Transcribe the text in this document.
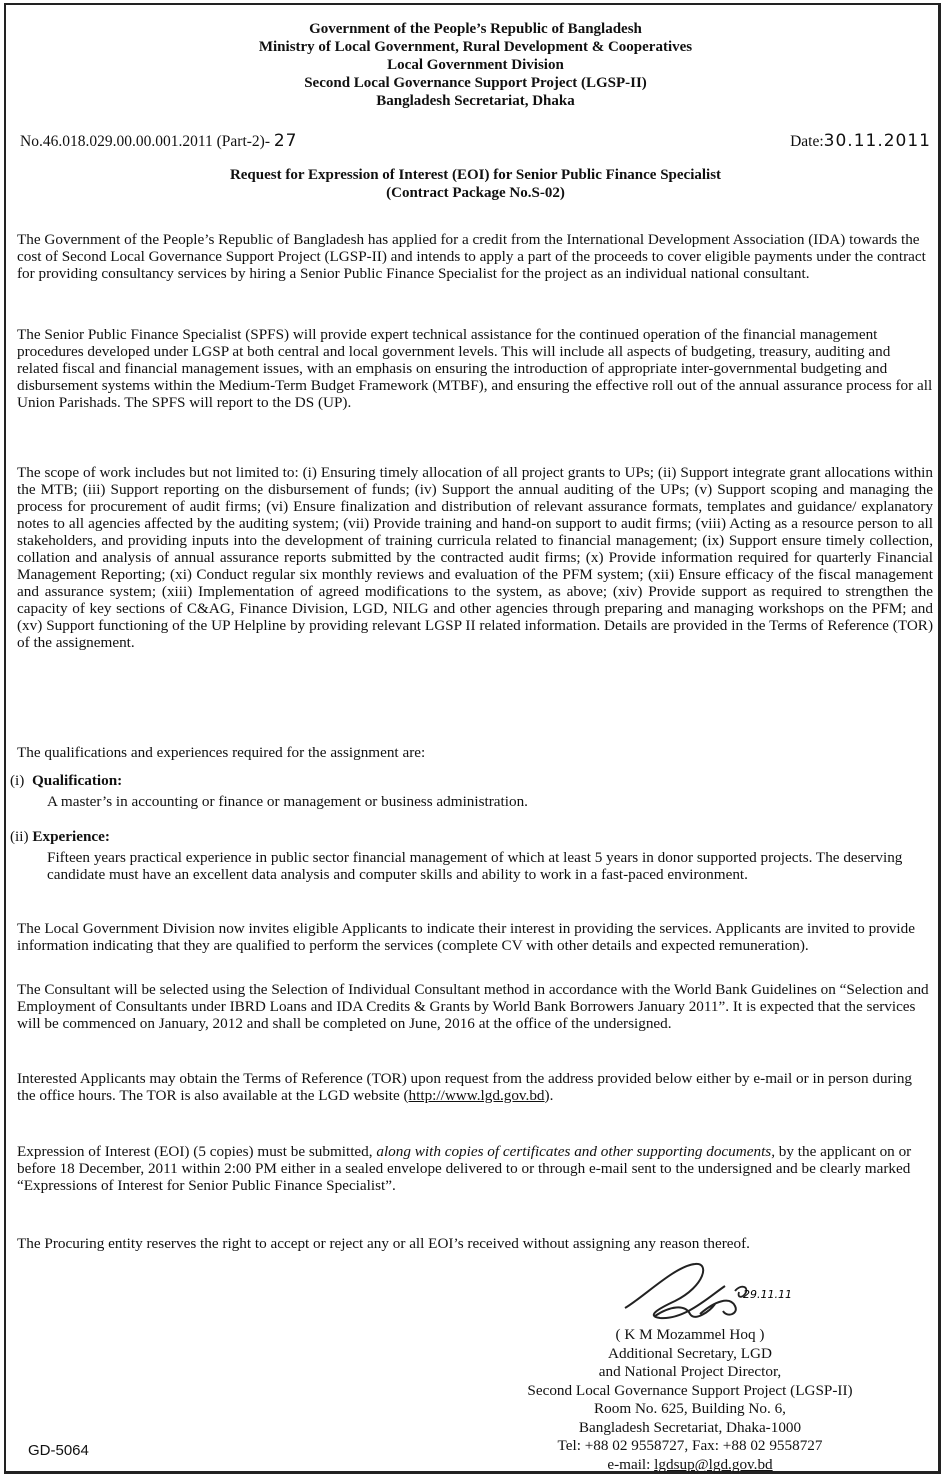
Government of the People’s Republic of Bangladesh
Ministry of Local Government, Rural Development & Cooperatives
Local Government Division
Second Local Governance Support Project (LGSP-II)
Bangladesh Secretariat, Dhaka
No.46.018.029.00.00.001.2011 (Part-2)- 27	Date:30.11.2011
Request for Expression of Interest (EOI) for Senior Public Finance Specialist
(Contract Package No.S-02)

The Government of the People’s Republic of Bangladesh has applied for a credit from the International Development Association (IDA) towards the cost of Second Local Governance Support Project (LGSP-II) and intends to apply a part of the proceeds to cover eligible payments under the contract for providing consultancy services by hiring a Senior Public Finance Specialist for the project as an individual national consultant.

The Senior Public Finance Specialist (SPFS) will provide expert technical assistance for the continued operation of the financial management procedures developed under LGSP at both central and local government levels. This will include all aspects of budgeting, treasury, auditing and related fiscal and financial management issues, with an emphasis on ensuring the introduction of appropriate inter-governmental budgeting and disbursement systems within the Medium-Term Budget Framework (MTBF), and ensuring the effective roll out of the annual assurance process for all Union Parishads. The SPFS will report to the DS (UP).

The scope of work includes but not limited to: (i) Ensuring timely allocation of all project grants to UPs; (ii) Support integrate grant allocations within the MTB; (iii) Support reporting on the disbursement of funds; (iv) Support the annual auditing of the UPs; (v) Support scoping and managing the process for procurement of audit firms; (vi) Ensure finalization and distribution of relevant assurance formats, templates and guidance/ explanatory notes to all agencies affected by the auditing system; (vii) Provide training and hand-on support to audit firms; (viii) Acting as a resource person to all stakeholders, and providing inputs into the development of training curricula related to financial management; (ix) Support ensure timely collection, collation and analysis of annual assurance reports submitted by the contracted audit firms; (x) Provide information required for quarterly Financial Management Reporting; (xi) Conduct regular six monthly reviews and evaluation of the PFM system; (xii) Ensure efficacy of the fiscal management and assurance system; (xiii) Implementation of agreed modifications to the system, as above; (xiv) Provide support as required to strengthen the capacity of key sections of C&AG, Finance Division, LGD, NILG and other agencies through preparing and managing workshops on the PFM; and (xv) Support functioning of the UP Helpline by providing relevant LGSP II related information. Details are provided in the Terms of Reference (TOR) of the assignement.

The qualifications and experiences required for the assignment are:

(i) Qualification:

A master’s in accounting or finance or management or business administration.

(ii) Experience:

Fifteen years practical experience in public sector financial management of which at least 5 years in donor supported projects. The deserving candidate must have an excellent data analysis and computer skills and ability to work in a fast-paced environment.

The Local Government Division now invites eligible Applicants to indicate their interest in providing the services. Applicants are invited to provide information indicating that they are qualified to perform the services (complete CV with other details and expected remuneration).

The Consultant will be selected using the Selection of Individual Consultant method in accordance with the World Bank Guidelines on “Selection and Employment of Consultants under IBRD Loans and IDA Credits & Grants by World Bank Borrowers January 2011”. It is expected that the services will be commenced on January, 2012 and shall be completed on June, 2016 at the office of the undersigned.

Interested Applicants may obtain the Terms of Reference (TOR) upon request from the address provided below either by e-mail or in person during the office hours. The TOR is also available at the LGD website (http://www.lgd.gov.bd).

Expression of Interest (EOI) (5 copies) must be submitted, along with copies of certificates and other supporting documents, by the applicant on or before 18 December, 2011 within 2:00 PM either in a sealed envelope delivered to or through e-mail sent to the undersigned and be clearly marked “Expressions of Interest for Senior Public Finance Specialist”.

The Procuring entity reserves the right to accept or reject any or all EOI’s received without assigning any reason thereof.

29.11.11
( K M Mozammel Hoq )
Additional Secretary, LGD
and National Project Director,
Second Local Governance Support Project (LGSP-II)
Room No. 625, Building No. 6,
Bangladesh Secretariat, Dhaka-1000
Tel: +88 02 9558727, Fax: +88 02 9558727
e-mail: lgdsup@lgd.gov.bd
GD-5064
